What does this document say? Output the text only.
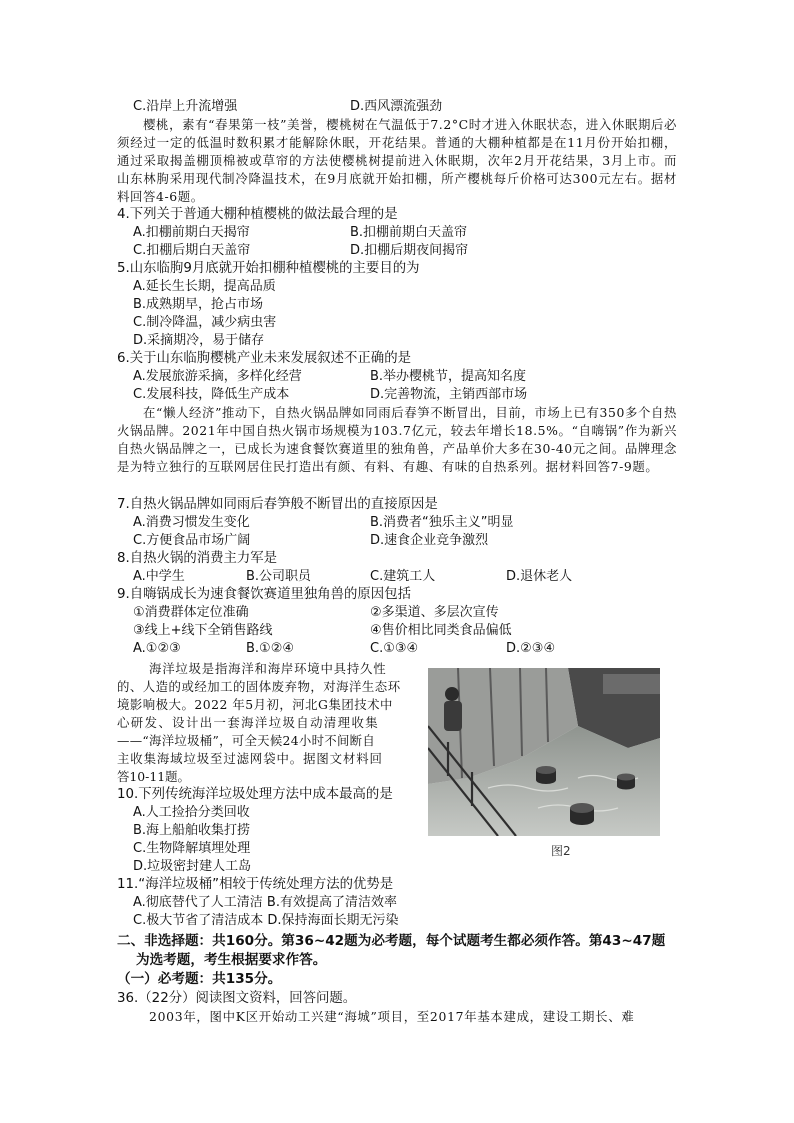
C.沿岸上升流增强	D.西风漂流强劲
樱桃，素有“春果第一枝”美誉，樱桃树在气温低于7.2°C时才进入休眠状态，进入休眠期后必须经过一定的低温时数积累才能解除休眠，开花结果。普通的大棚种植都是在11月份开始扣棚，通过采取揭盖棚顶棉被或草帘的方法使樱桃树提前进入休眠期，次年2月开花结果，3月上市。而山东林朐采用现代制冷降温技术，在9月底就开始扣棚，所产樱桃每斤价格可达300元左右。据材料回答4-6题。
4.下列关于普通大棚种植樱桃的做法最合理的是
A.扣棚前期白天揭帘	B.扣棚前期白天盖帘
C.扣棚后期白天盖帘	D.扣棚后期夜间揭帘
5.山东临朐9月底就开始扣棚种植樱桃的主要目的为
A.延长生长期，提高品质
B.成熟期早，抢占市场
C.制冷降温，减少病虫害
D.采摘期冷，易于储存
6.关于山东临朐樱桃产业未来发展叙述不正确的是
A.发展旅游采摘，多样化经营	B.举办樱桃节，提高知名度
C.发展科技，降低生产成本	D.完善物流，主销西部市场
在“懒人经济”推动下，自热火锅品牌如同雨后春笋不断冒出，目前，市场上已有350多个自热火锅品牌。2021年中国自热火锅市场规模为103.7亿元，较去年增长18.5%。“自嗨锅”作为新兴自热火锅品牌之一，已成长为速食餐饮赛道里的独角兽，产品单价大多在30-40元之间。品牌理念是为特立独行的互联网居住民打造出有颜、有料、有趣、有味的自热系列。据材料回答7-9题。
7.自热火锅品牌如同雨后春笋般不断冒出的直接原因是
A.消费习惯发生变化	B.消费者“独乐主义”明显
C.方便食品市场广阔	D.速食企业竞争激烈
8.自热火锅的消费主力军是
A.中学生	B.公司职员	C.建筑工人	D.退休老人
9.自嗨锅成长为速食餐饮赛道里独角兽的原因包括
①消费群体定位准确	②多渠道、多层次宣传
③线上+线下全销售路线	④售价相比同类食品偏低
A.①②③	B.①②④	C.①③④	D.②③④
海洋垃圾是指海洋和海岸环境中具持久性
的、人造的或经加工的固体废弃物，对海洋生态环
境影响极大。2022 年5月初，河北G集团技术中
心研发、设计出一套海洋垃圾自动清理收集
——“海洋垃圾桶”，可全天候24小时不间断自
主收集海域垃圾至过滤网袋中。据图文材料回
答10-11题。
图2
10.下列传统海洋垃圾处理方法中成本最高的是
A.人工捡拾分类回收
B.海上船舶收集打捞
C.生物降解填埋处理
D.垃圾密封建人工岛
11.“海洋垃圾桶”相较于传统处理方法的优势是
A.彻底替代了人工清洁 B.有效提高了清洁效率
C.极大节省了清洁成本 D.保持海面长期无污染
二、非选择题：共160分。第36~42题为必考题，每个试题考生都必须作答。第43~47题
为选考题，考生根据要求作答。
（一）必考题：共135分。
36.（22分）阅读图文资料，回答问题。
2003年，图中K区开始动工兴建“海城”项目，至2017年基本建成，建设工期长、难
